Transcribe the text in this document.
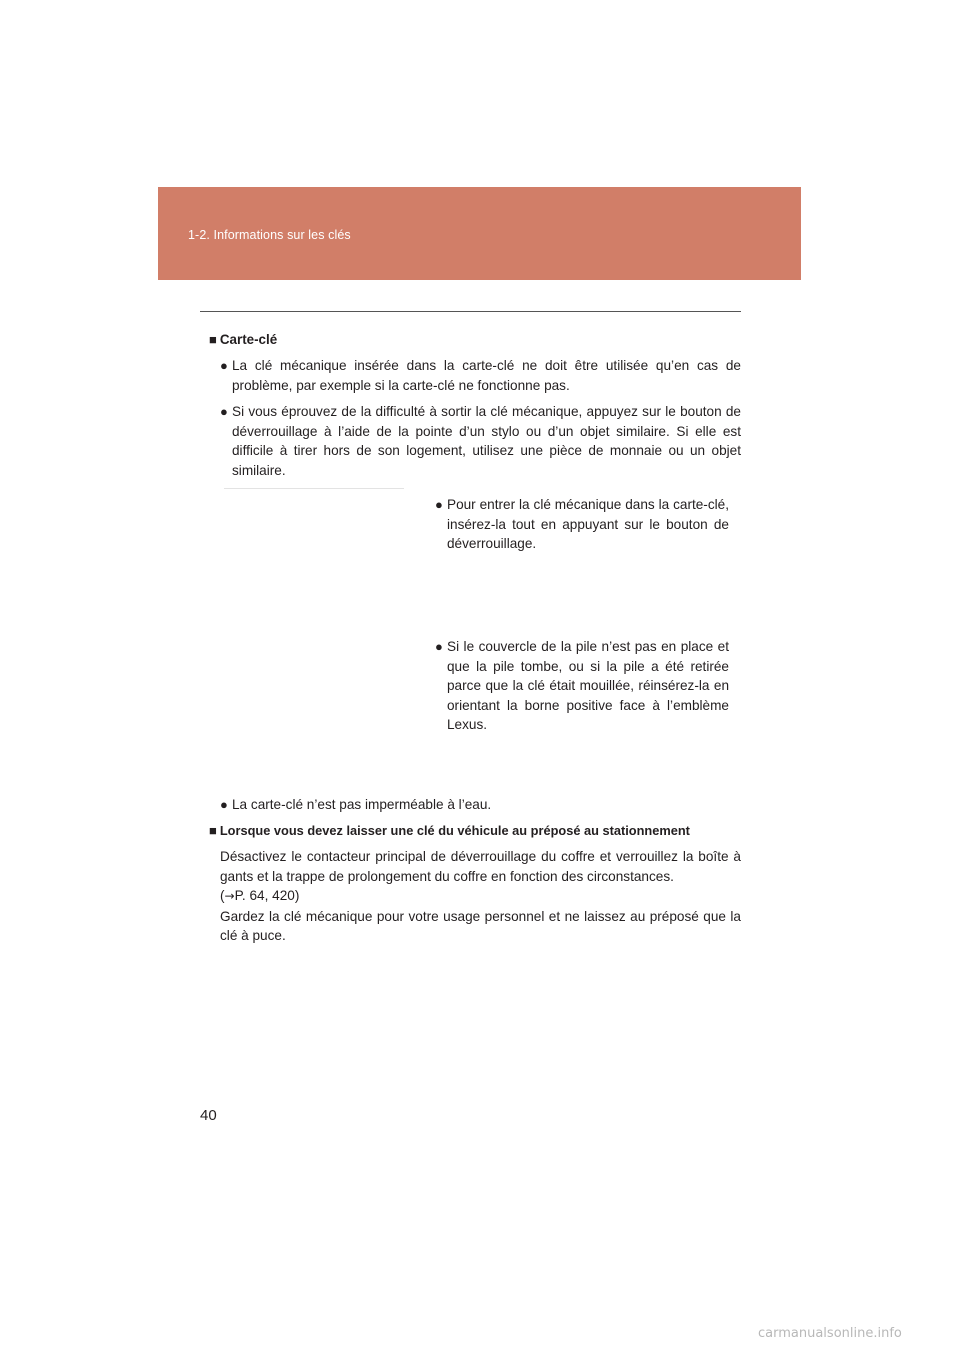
1-2. Informations sur les clés
■ Carte-clé
● La clé mécanique insérée dans la carte-clé ne doit être utilisée qu’en cas de problème, par exemple si la carte-clé ne fonctionne pas.
● Si vous éprouvez de la difficulté à sortir la clé mécanique, appuyez sur le bouton de déverrouillage à l’aide de la pointe d’un stylo ou d’un objet similaire. Si elle est difficile à tirer hors de son logement, utilisez une pièce de monnaie ou un objet similaire.
● Pour entrer la clé mécanique dans la carte-clé, insérez-la tout en appuyant sur le bouton de déverrouillage.
● Si le couvercle de la pile n’est pas en place et que la pile tombe, ou si la pile a été retirée parce que la clé était mouillée, réinsérez-la en orientant la borne positive face à l’emblème Lexus.
● La carte-clé n’est pas imperméable à l’eau.
■ Lorsque vous devez laisser une clé du véhicule au préposé au stationnement
Désactivez le contacteur principal de déverrouillage du coffre et verrouillez la boîte à gants et la trappe de prolongement du coffre en fonction des circonstances.
(→P. 64, 420)
Gardez la clé mécanique pour votre usage personnel et ne laissez au préposé que la clé à puce.
40
carmanualsonline.info
